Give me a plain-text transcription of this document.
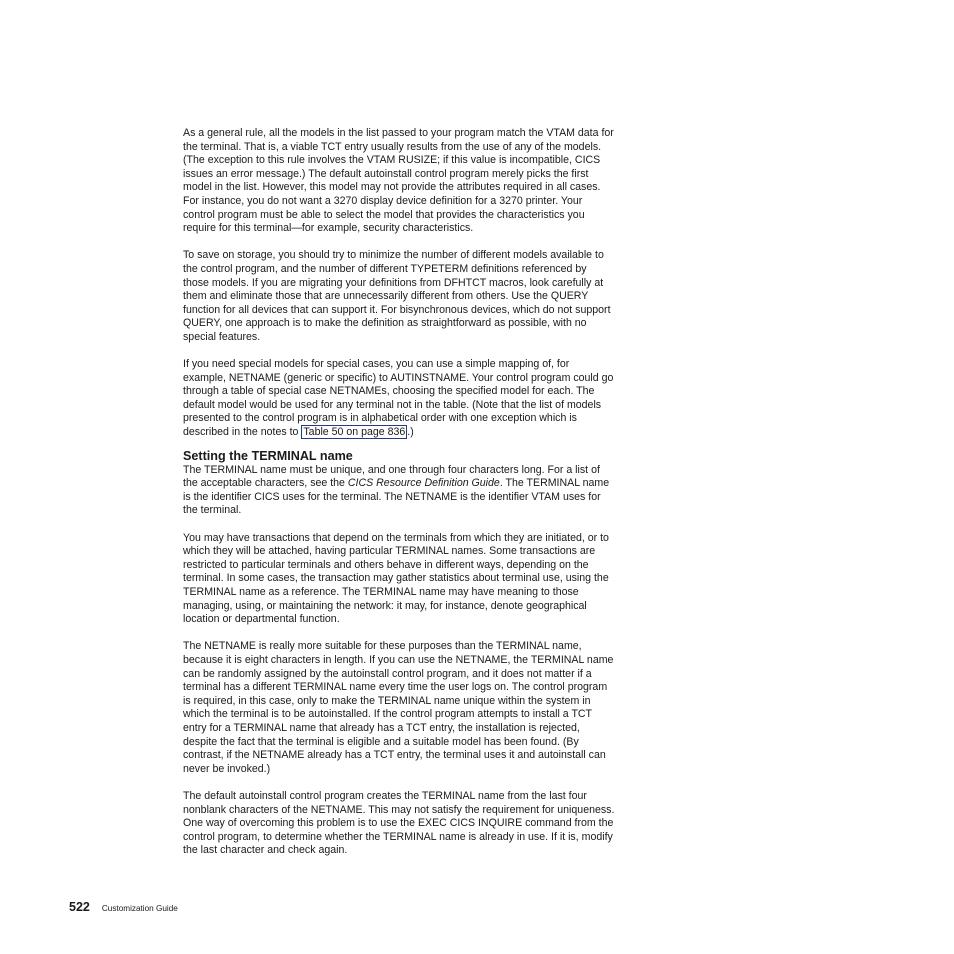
As a general rule, all the models in the list passed to your program match the VTAM data for the terminal. That is, a viable TCT entry usually results from the use of any of the models. (The exception to this rule involves the VTAM RUSIZE; if this value is incompatible, CICS issues an error message.) The default autoinstall control program merely picks the first model in the list. However, this model may not provide the attributes required in all cases. For instance, you do not want a 3270 display device definition for a 3270 printer. Your control program must be able to select the model that provides the characteristics you require for this terminal—for example, security characteristics.

To save on storage, you should try to minimize the number of different models available to the control program, and the number of different TYPETERM definitions referenced by those models. If you are migrating your definitions from DFHTCT macros, look carefully at them and eliminate those that are unnecessarily different from others. Use the QUERY function for all devices that can support it. For bisynchronous devices, which do not support QUERY, one approach is to make the definition as straightforward as possible, with no special features.

If you need special models for special cases, you can use a simple mapping of, for example, NETNAME (generic or specific) to AUTINSTNAME. Your control program could go through a table of special case NETNAMEs, choosing the specified model for each. The default model would be used for any terminal not in the table. (Note that the list of models presented to the control program is in alphabetical order with one exception which is described in the notes to Table 50 on page 836 .)

Setting the TERMINAL name

The TERMINAL name must be unique, and one through four characters long. For a list of the acceptable characters, see the CICS Resource Definition Guide. The TERMINAL name is the identifier CICS uses for the terminal. The NETNAME is the identifier VTAM uses for the terminal.

You may have transactions that depend on the terminals from which they are initiated, or to which they will be attached, having particular TERMINAL names. Some transactions are restricted to particular terminals and others behave in different ways, depending on the terminal. In some cases, the transaction may gather statistics about terminal use, using the TERMINAL name as a reference. The TERMINAL name may have meaning to those managing, using, or maintaining the network: it may, for instance, denote geographical location or departmental function.

The NETNAME is really more suitable for these purposes than the TERMINAL name, because it is eight characters in length. If you can use the NETNAME, the TERMINAL name can be randomly assigned by the autoinstall control program, and it does not matter if a terminal has a different TERMINAL name every time the user logs on. The control program is required, in this case, only to make the TERMINAL name unique within the system in which the terminal is to be autoinstalled. If the control program attempts to install a TCT entry for a TERMINAL name that already has a TCT entry, the installation is rejected, despite the fact that the terminal is eligible and a suitable model has been found. (By contrast, if the NETNAME already has a TCT entry, the terminal uses it and autoinstall can never be invoked.)

The default autoinstall control program creates the TERMINAL name from the last four nonblank characters of the NETNAME. This may not satisfy the requirement for uniqueness. One way of overcoming this problem is to use the EXEC CICS INQUIRE command from the control program, to determine whether the TERMINAL name is already in use. If it is, modify the last character and check again.

522 Customization Guide
